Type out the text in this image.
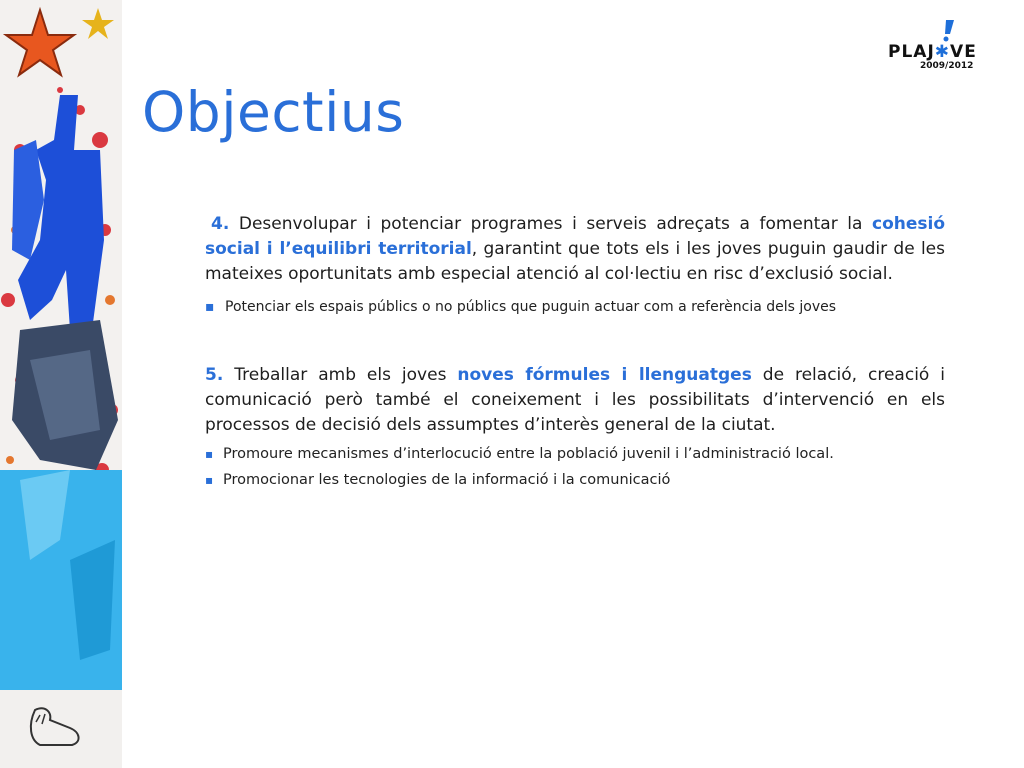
PLAJ✱VE
2009/2012
Objectius

4. Desenvolupar i potenciar programes i serveis adreçats a fomentar la cohesió social i l’equilibri territorial, garantint que tots els i les joves puguin gaudir de les mateixes oportunitats amb especial atenció al col·lectiu en risc d’exclusió social.

▪ Potenciar els espais públics o no públics que puguin actuar com a referència dels joves

5. Treballar amb els joves noves fórmules i llenguatges de relació, creació i comunicació però també el coneixement i les possibilitats d’intervenció en els processos de decisió dels assumptes d’interès general de la ciutat.

▪ Promoure mecanismes d’interlocució entre la població juvenil i l’administració local.

▪ Promocionar les tecnologies de la informació i la comunicació
